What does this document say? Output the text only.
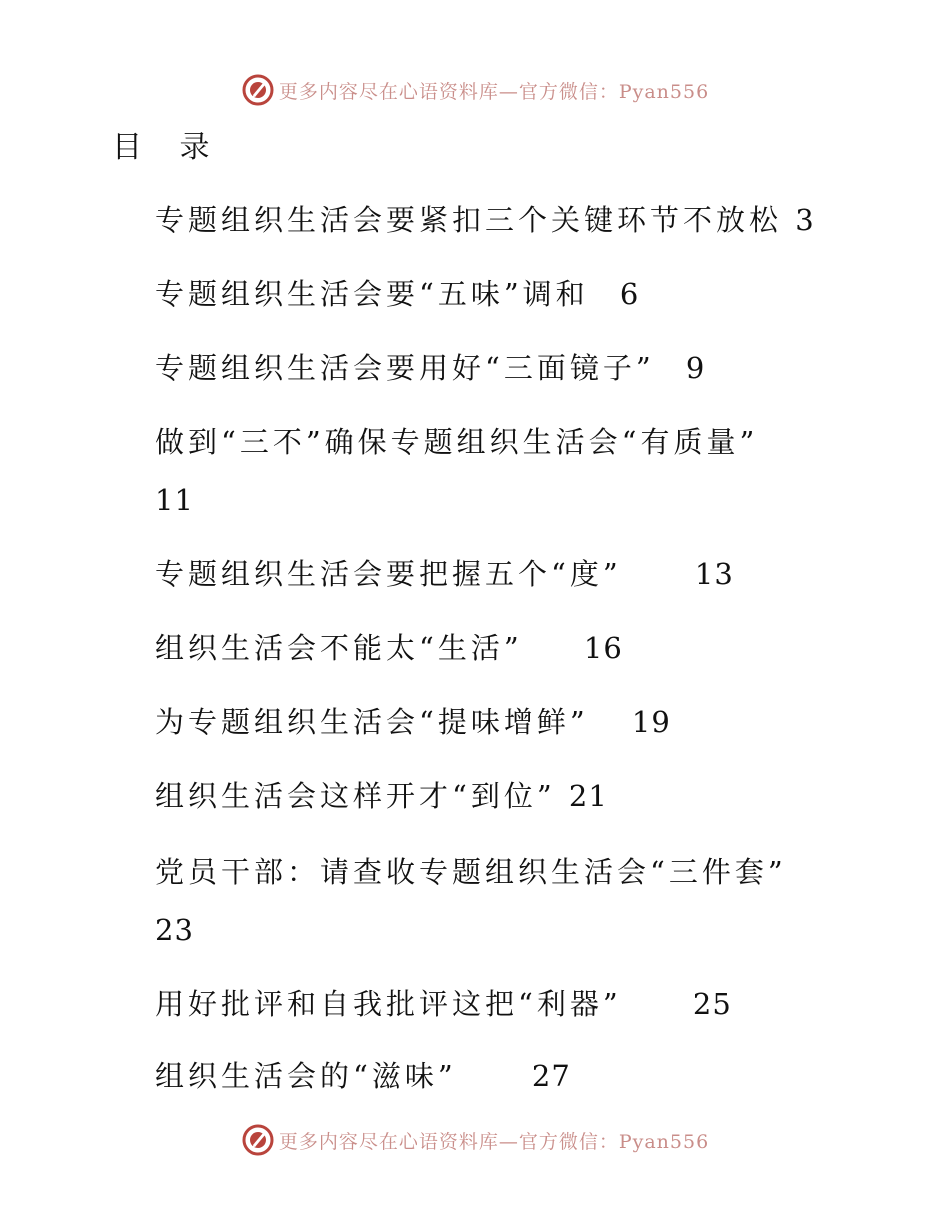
更多内容尽在心语资料库—官方微信：Pyan556
目 录
专题组织生活会要紧扣三个关键环节不放松 3
专题组织生活会要“五味”调和 6
专题组织生活会要用好“三面镜子” 9
做到“三不”确保专题组织生活会“有质量”
11
专题组织生活会要把握五个“度”	13
组织生活会不能太“生活” 16
为专题组织生活会“提味增鲜” 19
组织生活会这样开才“到位” 21
党员干部：请查收专题组织生活会“三件套”
23
用好批评和自我批评这把“利器” 25
组织生活会的“滋味”	27
更多内容尽在心语资料库—官方微信：Pyan556
